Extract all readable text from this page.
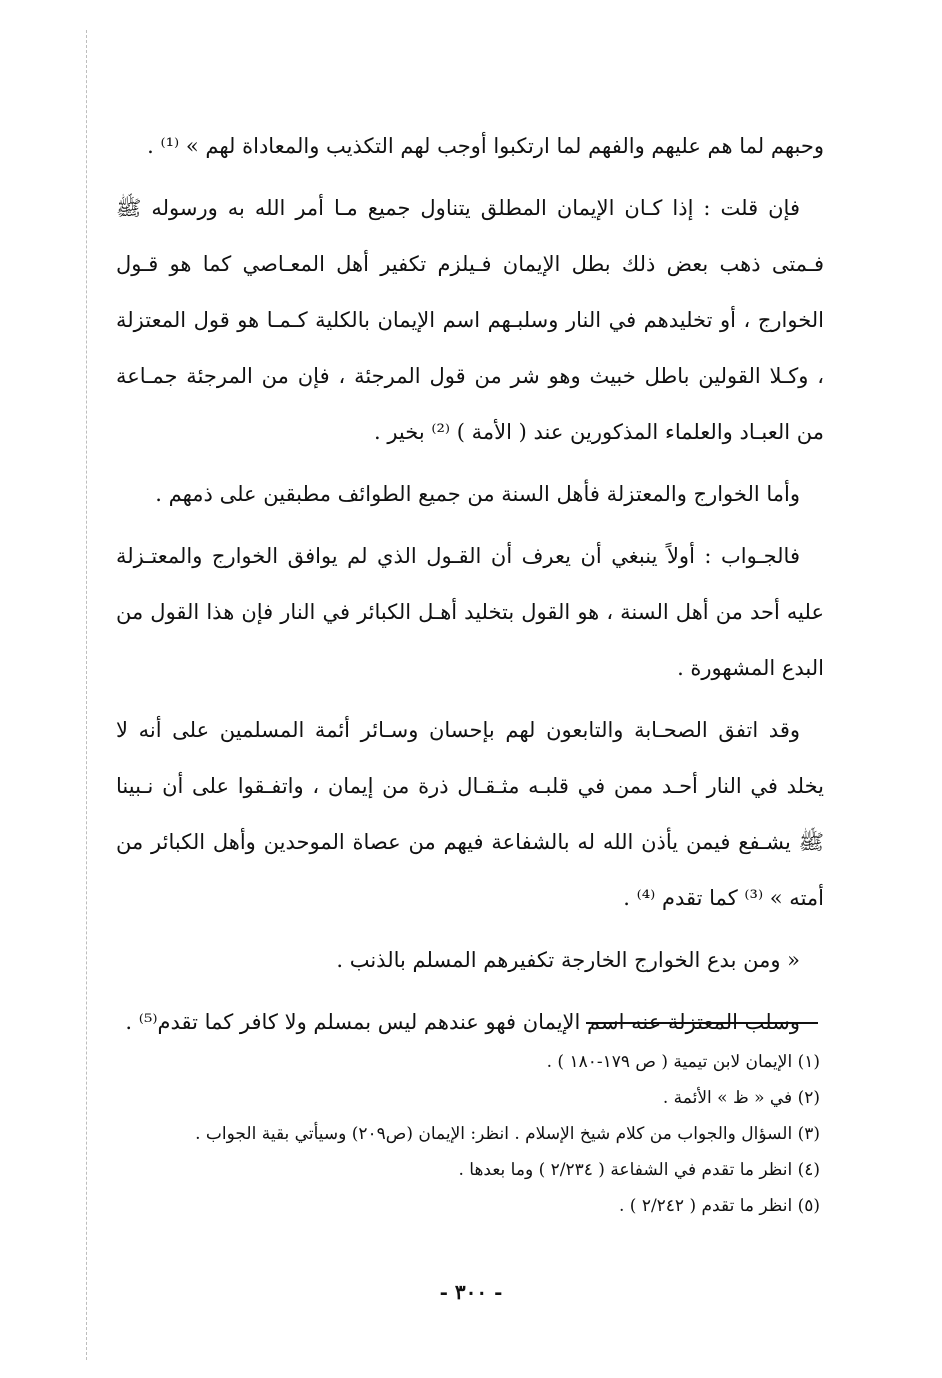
وحبهم لما هم عليهم والفهم لما ارتكبوا أوجب لهم التكذيب والمعاداة لهم » ⁽¹⁾ .

فإن قلت : إذا كـان الإيمان المطلق يتناول جميع مـا أمر الله به ورسوله ﷺ فـمتى ذهب بعض ذلك بطل الإيمان فـيلزم تكفير أهل المعـاصي كما هو قـول الخوارج ، أو تخليدهم في النار وسلبـهم اسم الإيمان بالكلية كـمـا هو قول المعتزلة ، وكـلا القولين باطل خبيث وهو شر من قول المرجئة ، فإن من المرجئة جمـاعة من العبـاد والعلماء المذكورين عند ( الأمة ) ⁽²⁾ بخير .

وأما الخوارج والمعتزلة فأهل السنة من جميع الطوائف مطبقين على ذمهم .

فالجـواب : أولاً ينبغي أن يعرف أن القـول الذي لم يوافق الخوارج والمعتـزلة عليه أحد من أهل السنة ، هو القول بتخليد أهـل الكبائر في النار فإن هذا القول من البدع المشهورة .

وقد اتفق الصحـابة والتابعون لهم بإحسان وسـائر أئمة المسلمين على أنه لا يخلد في النار أحـد ممن في قلبـه مثـقـال ذرة من إيمان ، واتفـقوا على أن نـبينا ﷺ يشـفع فيمن يأذن الله له بالشفاعة فيهم من عصاة الموحدين وأهل الكبائر من أمته » ⁽³⁾ كما تقدم ⁽⁴⁾ .

« ومن بدع الخوارج الخارجة تكفيرهم المسلم بالذنب .

وسلب المعتزلة عنه اسم الإيمان فهو عندهم ليس بمسلم ولا كافر كما تقدم⁽⁵⁾ .

(١) الإيمان لابن تيمية ( ص ١٧٩-١٨٠ ) .

(٢) في « ظ » الأئمة .

(٣) السؤال والجواب من كلام شيخ الإسلام . انظر: الإيمان (ص٢٠٩) وسيأتي بقية الجواب .

(٤) انظر ما تقدم في الشفاعة ( ٢/٢٣٤ ) وما بعدها .

(٥) انظر ما تقدم ( ٢/٢٤٢ ) .

- ٣٠٠ -
